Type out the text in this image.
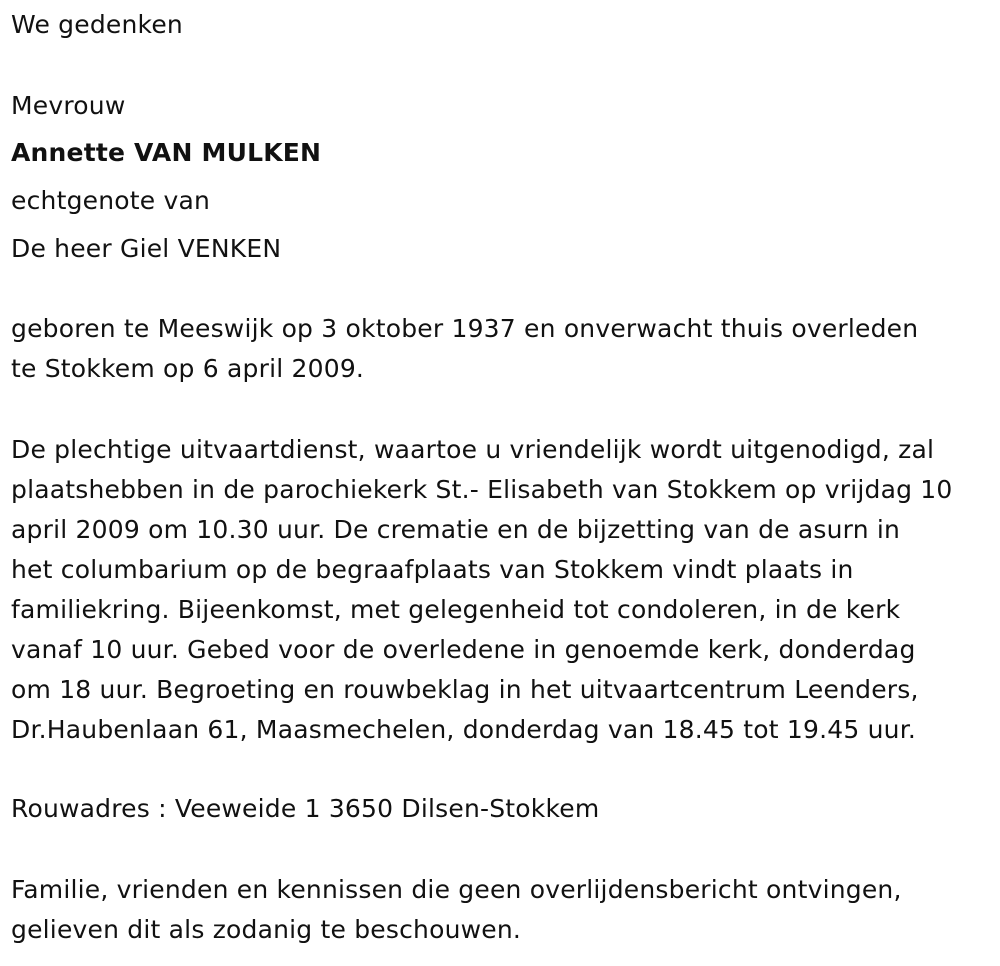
We gedenken
Mevrouw
Annette VAN MULKEN
echtgenote van
De heer Giel VENKEN
geboren te Meeswijk op 3 oktober 1937 en onverwacht thuis overleden
te Stokkem op 6 april 2009.
De plechtige uitvaartdienst, waartoe u vriendelijk wordt uitgenodigd, zal
plaatshebben in de parochiekerk St.- Elisabeth van Stokkem op vrijdag 10
april 2009 om 10.30 uur. De crematie en de bijzetting van de asurn in
het columbarium op de begraafplaats van Stokkem vindt plaats in
familiekring. Bijeenkomst, met gelegenheid tot condoleren, in de kerk
vanaf 10 uur. Gebed voor de overledene in genoemde kerk, donderdag
om 18 uur. Begroeting en rouwbeklag in het uitvaartcentrum Leenders,
Dr.Haubenlaan 61, Maasmechelen, donderdag van 18.45 tot 19.45 uur.
Rouwadres : Veeweide 1 3650 Dilsen-Stokkem
Familie, vrienden en kennissen die geen overlijdensbericht ontvingen,
gelieven dit als zodanig te beschouwen.
